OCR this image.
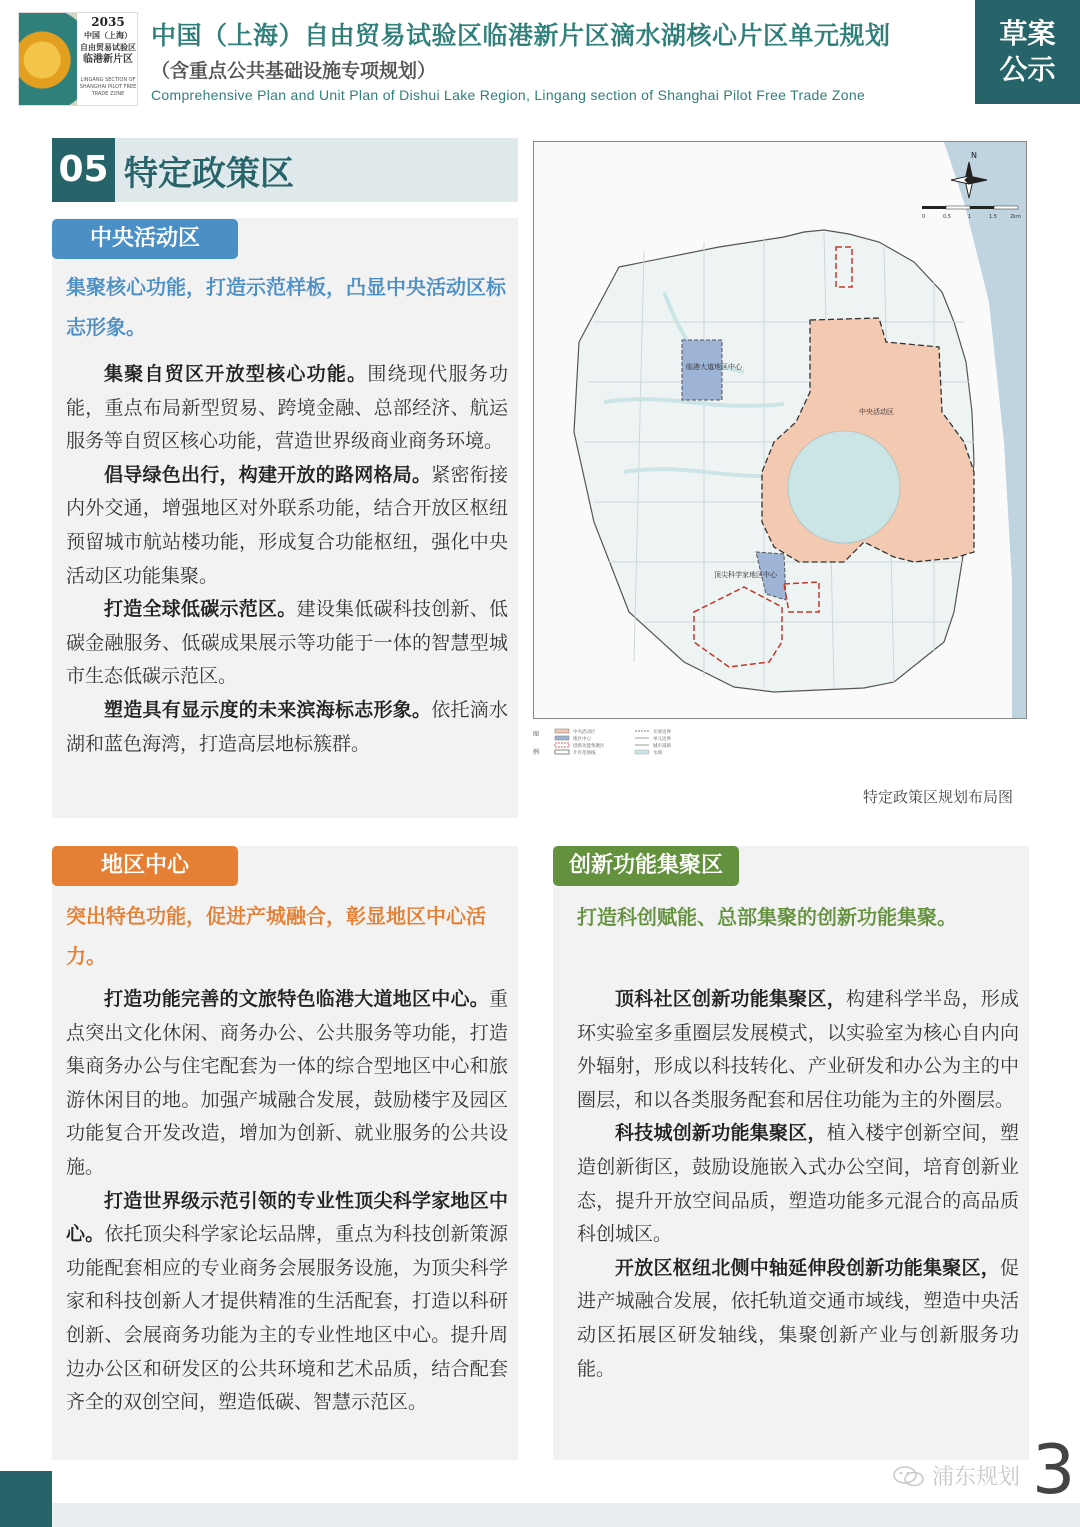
2035
中国（上海）
自由贸易试验区
临港新片区
LINGANG SECTION OF SHANGHAI PILOT FREE TRADE ZONE
中国（上海）自由贸易试验区临港新片区滴水湖核心片区单元规划
（含重点公共基础设施专项规划）
Comprehensive Plan and Unit Plan of Dishui Lake Region, Lingang section of Shanghai Pilot Free Trade Zone
草案
公示
05 特定政策区
中央活动区
集聚核心功能，打造示范样板，凸显中央活动区标志形象。

集聚自贸区开放型核心功能。围绕现代服务功能，重点布局新型贸易、跨境金融、总部经济、航运服务等自贸区核心功能，营造世界级商业商务环境。

倡导绿色出行，构建开放的路网格局。紧密衔接内外交通，增强地区对外联系功能，结合开放区枢纽预留城市航站楼功能，形成复合功能枢纽，强化中央活动区功能集聚。

打造全球低碳示范区。建设集低碳科技创新、低碳金融服务、低碳成果展示等功能于一体的智慧型城市生态低碳示范区。

塑造具有显示度的未来滨海标志形象。依托滴水湖和蓝色海湾，打造高层地标簇群。

N
0	0.5	1	1.5	2km
临港大道地区中心
中央活动区
顶尖科学家地区中心
图
例
中央活动区
地区中心
创新功能集聚区
片区范围线
开放边界
单元边界
城市道路
水域
特定政策区规划布局图
地区中心
突出特色功能，促进产城融合，彰显地区中心活力。

打造功能完善的文旅特色临港大道地区中心。重点突出文化休闲、商务办公、公共服务等功能，打造集商务办公与住宅配套为一体的综合型地区中心和旅游休闲目的地。加强产城融合发展，鼓励楼宇及园区功能复合开发改造，增加为创新、就业服务的公共设施。

打造世界级示范引领的专业性顶尖科学家地区中心。依托顶尖科学家论坛品牌，重点为科技创新策源功能配套相应的专业商务会展服务设施，为顶尖科学家和科技创新人才提供精准的生活配套，打造以科研创新、会展商务功能为主的专业性地区中心。提升周边办公区和研发区的公共环境和艺术品质，结合配套齐全的双创空间，塑造低碳、智慧示范区。

创新功能集聚区
打造科创赋能、总部集聚的创新功能集聚。

顶科社区创新功能集聚区，构建科学半岛，形成环实验室多重圈层发展模式，以实验室为核心自内向外辐射，形成以科技转化、产业研发和办公为主的中圈层，和以各类服务配套和居住功能为主的外圈层。

科技城创新功能集聚区，植入楼宇创新空间，塑造创新街区，鼓励设施嵌入式办公空间，培育创新业态，提升开放空间品质，塑造功能多元混合的高品质科创城区。

开放区枢纽北侧中轴延伸段创新功能集聚区，促进产城融合发展，依托轨道交通市域线，塑造中央活动区拓展区研发轴线，集聚创新产业与创新服务功能。

浦东规划 3
